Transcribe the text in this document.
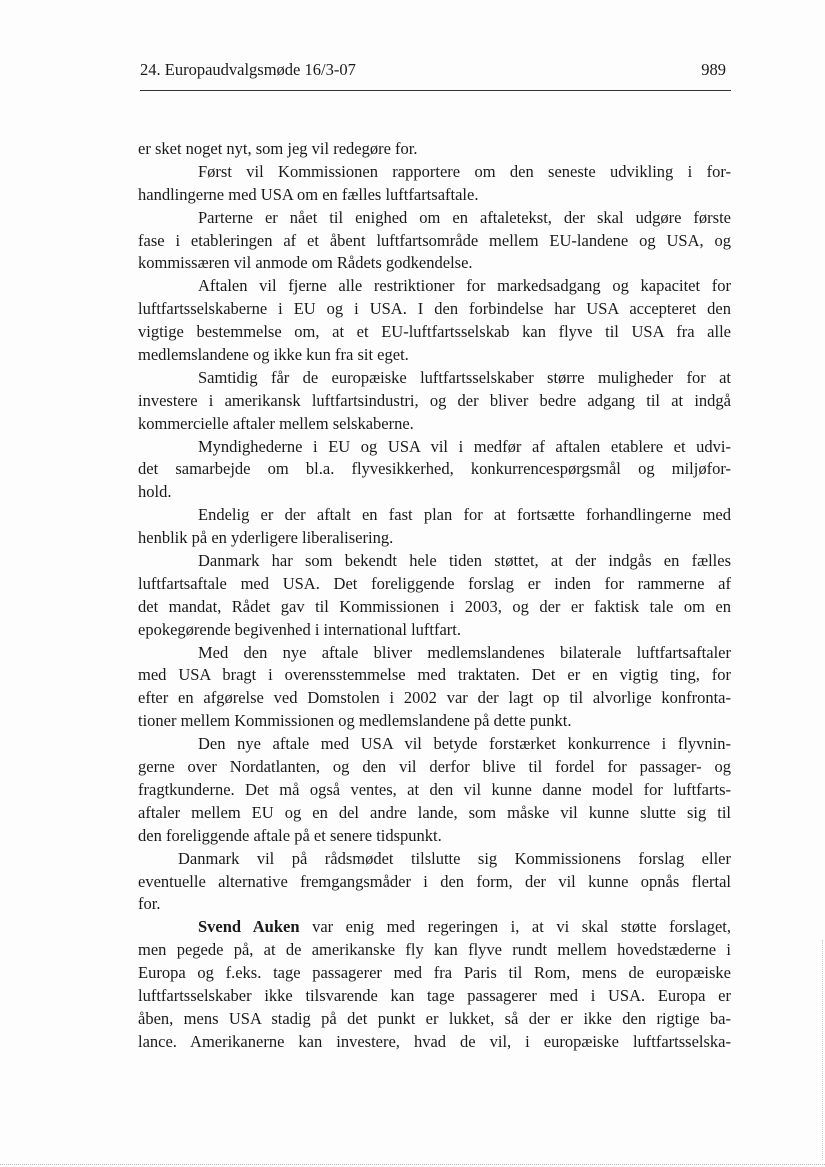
24. Europaudvalgsmøde 16/3-07	989
er sket noget nyt, som jeg vil redegøre for.
Først vil Kommissionen rapportere om den seneste udvikling i for-
handlingerne med USA om en fælles luftfartsaftale.
Parterne er nået til enighed om en aftaletekst, der skal udgøre første
fase i etableringen af et åbent luftfartsområde mellem EU-landene og USA, og
kommissæren vil anmode om Rådets godkendelse.
Aftalen vil fjerne alle restriktioner for markedsadgang og kapacitet for
luftfartsselskaberne i EU og i USA. I den forbindelse har USA accepteret den
vigtige bestemmelse om, at et EU-luftfartsselskab kan flyve til USA fra alle
medlemslandene og ikke kun fra sit eget.
Samtidig får de europæiske luftfartsselskaber større muligheder for at
investere i amerikansk luftfartsindustri, og der bliver bedre adgang til at indgå
kommercielle aftaler mellem selskaberne.
Myndighederne i EU og USA vil i medfør af aftalen etablere et udvi-
det samarbejde om bl.a. flyvesikkerhed, konkurrencespørgsmål og miljøfor-
hold.
Endelig er der aftalt en fast plan for at fortsætte forhandlingerne med
henblik på en yderligere liberalisering.
Danmark har som bekendt hele tiden støttet, at der indgås en fælles
luftfartsaftale med USA. Det foreliggende forslag er inden for rammerne af
det mandat, Rådet gav til Kommissionen i 2003, og der er faktisk tale om en
epokegørende begivenhed i international luftfart.
Med den nye aftale bliver medlemslandenes bilaterale luftfartsaftaler
med USA bragt i overensstemmelse med traktaten. Det er en vigtig ting, for
efter en afgørelse ved Domstolen i 2002 var der lagt op til alvorlige konfronta-
tioner mellem Kommissionen og medlemslandene på dette punkt.
Den nye aftale med USA vil betyde forstærket konkurrence i flyvnin-
gerne over Nordatlanten, og den vil derfor blive til fordel for passager- og
fragtkunderne. Det må også ventes, at den vil kunne danne model for luftfarts-
aftaler mellem EU og en del andre lande, som måske vil kunne slutte sig til
den foreliggende aftale på et senere tidspunkt.
Danmark vil på rådsmødet tilslutte sig Kommissionens forslag eller
eventuelle alternative fremgangsmåder i den form, der vil kunne opnås flertal
for.
Svend Auken var enig med regeringen i, at vi skal støtte forslaget,
men pegede på, at de amerikanske fly kan flyve rundt mellem hovedstæderne i
Europa og f.eks. tage passagerer med fra Paris til Rom, mens de europæiske
luftfartsselskaber ikke tilsvarende kan tage passagerer med i USA. Europa er
åben, mens USA stadig på det punkt er lukket, så der er ikke den rigtige ba-
lance. Amerikanerne kan investere, hvad de vil, i europæiske luftfartsselska-
